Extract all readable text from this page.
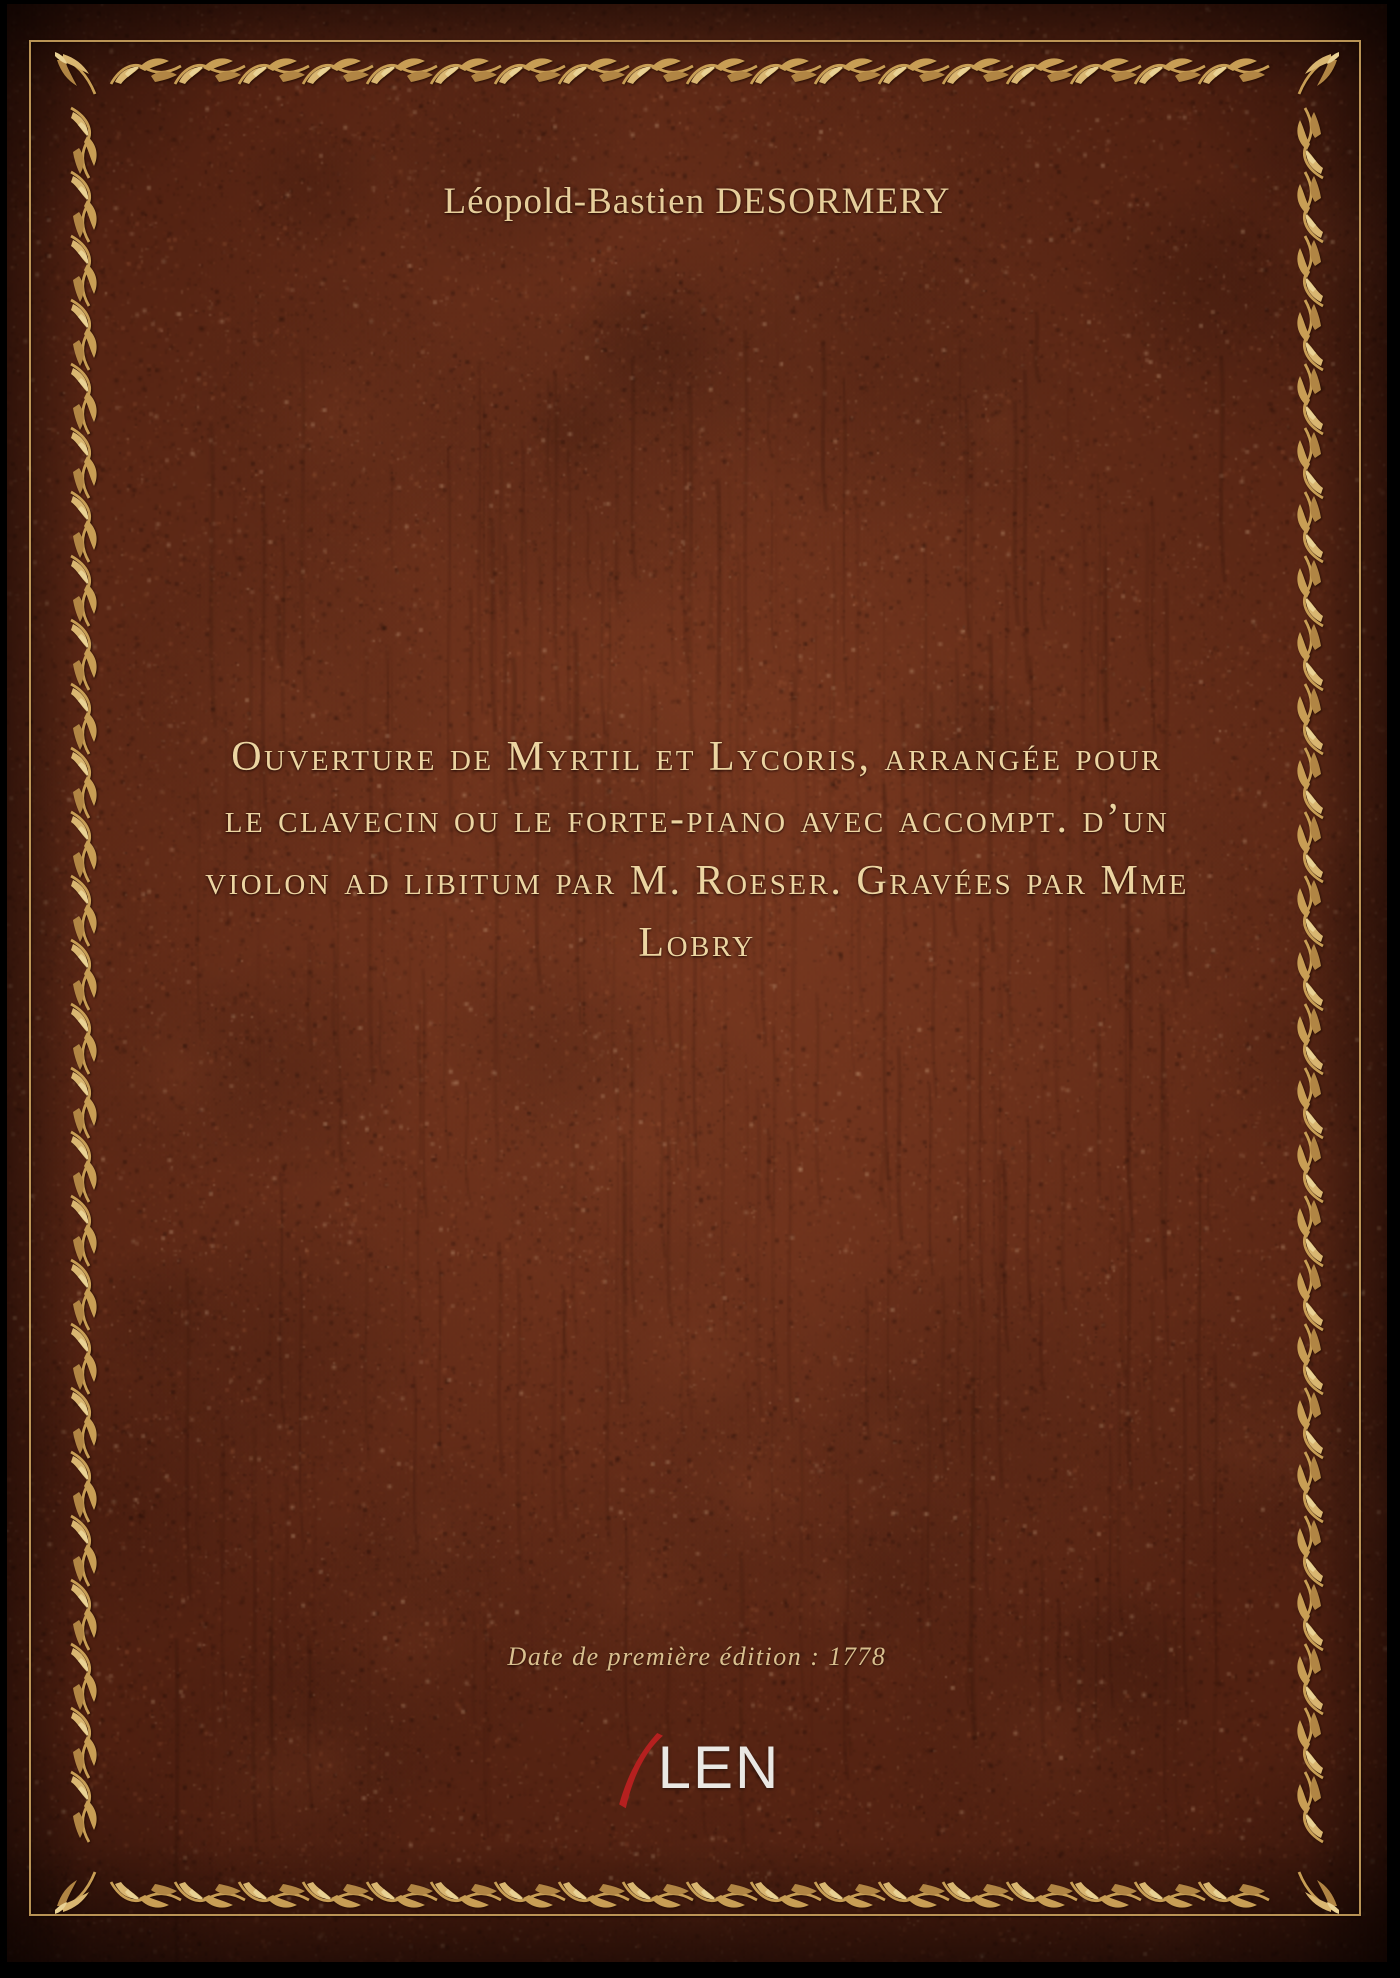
Léopold-Bastien DESORMERY
Ouverture de Myrtil et Lycoris, arrangée pour
le clavecin ou le forte-piano avec accompt. d’un
violon ad libitum par M. Roeser. Gravées par Mme
Lobry
Date de première édition : 1778
LEN
